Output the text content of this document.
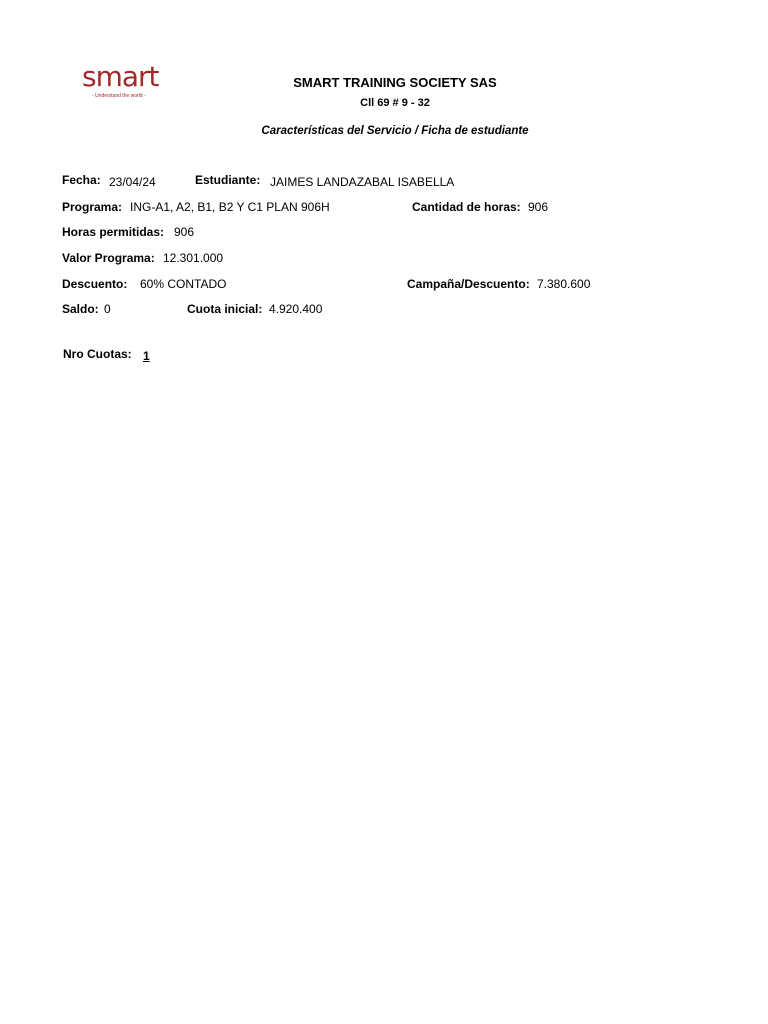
smart
- Understand the world -
SMART TRAINING SOCIETY SAS
Cll 69 # 9 - 32
Características del Servicio / Ficha de estudiante
Fecha: 23/04/24	Estudiante: JAIMES LANDAZABAL ISABELLA
Programa: ING-A1, A2, B1, B2 Y C1 PLAN 906H	Cantidad de horas: 906
Horas permitidas: 906
Valor Programa: 12.301.000
Descuento: 60% CONTADO	Campaña/Descuento: 7.380.600
Saldo: 0	Cuota inicial: 4.920.400
Nro Cuotas: 1
